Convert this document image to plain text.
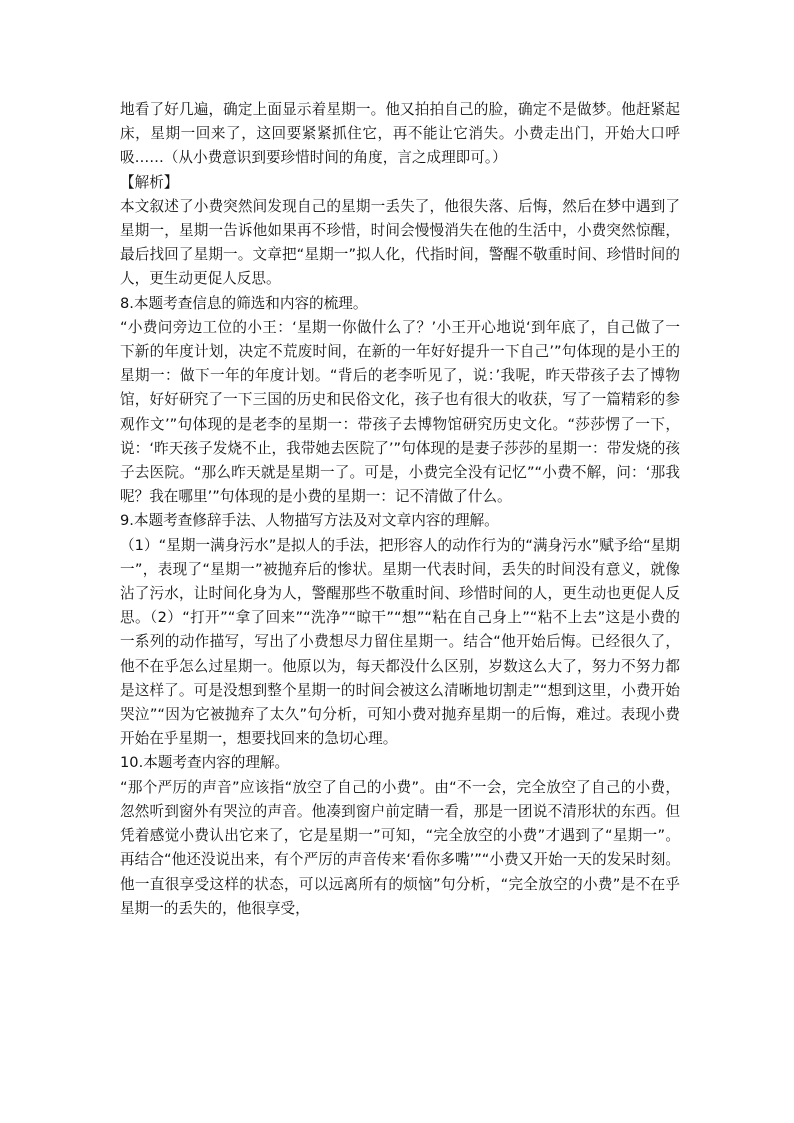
地看了好几遍，确定上面显示着星期一。他又拍拍自己的脸，确定不是做梦。他赶紧起床，星期一回来了，这回要紧紧抓住它，再不能让它消失。小费走出门，开始大口呼吸……（从小费意识到要珍惜时间的角度，言之成理即可。）

【解析】

本文叙述了小费突然间发现自己的星期一丢失了，他很失落、后悔，然后在梦中遇到了星期一，星期一告诉他如果再不珍惜，时间会慢慢消失在他的生活中，小费突然惊醒，最后找回了星期一。文章把“星期一”拟人化，代指时间，警醒不敬重时间、珍惜时间的人，更生动更促人反思。

8.本题考查信息的筛选和内容的梳理。

“小费问旁边工位的小王：‘星期一你做什么了？’小王开心地说‘到年底了，自己做了一下新的年度计划，决定不荒废时间，在新的一年好好提升一下自己’”句体现的是小王的星期一：做下一年的年度计划。“背后的老李听见了，说：’我呢，昨天带孩子去了博物馆，好好研究了一下三国的历史和民俗文化，孩子也有很大的收获，写了一篇精彩的参观作文’”句体现的是老李的星期一：带孩子去博物馆研究历史文化。“莎莎愣了一下，说：‘昨天孩子发烧不止，我带她去医院了’”句体现的是妻子莎莎的星期一：带发烧的孩子去医院。“那么昨天就是星期一了。可是，小费完全没有记忆”“小费不解，问：‘那我呢？我在哪里’”句体现的是小费的星期一：记不清做了什么。

9.本题考查修辞手法、人物描写方法及对文章内容的理解。

（1）“星期一满身污水”是拟人的手法，把形容人的动作行为的“满身污水”赋予给“星期一”，表现了“星期一”被抛弃后的惨状。星期一代表时间，丢失的时间没有意义，就像沾了污水，让时间化身为人，警醒那些不敬重时间、珍惜时间的人，更生动也更促人反思。（2）“打开”“拿了回来”“洗净”“晾干”“想”“粘在自己身上”“粘不上去”这是小费的一系列的动作描写，写出了小费想尽力留住星期一。结合“他开始后悔。已经很久了，他不在乎怎么过星期一。他原以为，每天都没什么区别，岁数这么大了，努力不努力都是这样了。可是没想到整个星期一的时间会被这么清晰地切割走”“想到这里，小费开始哭泣”“因为它被抛弃了太久”句分析，可知小费对抛弃星期一的后悔，难过。表现小费开始在乎星期一，想要找回来的急切心理。

10.本题考查内容的理解。

“那个严厉的声音”应该指“放空了自己的小费”。由“不一会，完全放空了自己的小费，忽然听到窗外有哭泣的声音。他凑到窗户前定睛一看，那是一团说不清形状的东西。但凭着感觉小费认出它来了，它是星期一”可知，“完全放空的小费”才遇到了“星期一”。再结合“他还没说出来，有个严厉的声音传来‘看你多嘴’”“小费又开始一天的发呆时刻。他一直很享受这样的状态，可以远离所有的烦恼”句分析，“完全放空的小费”是不在乎星期一的丢失的，他很享受，
